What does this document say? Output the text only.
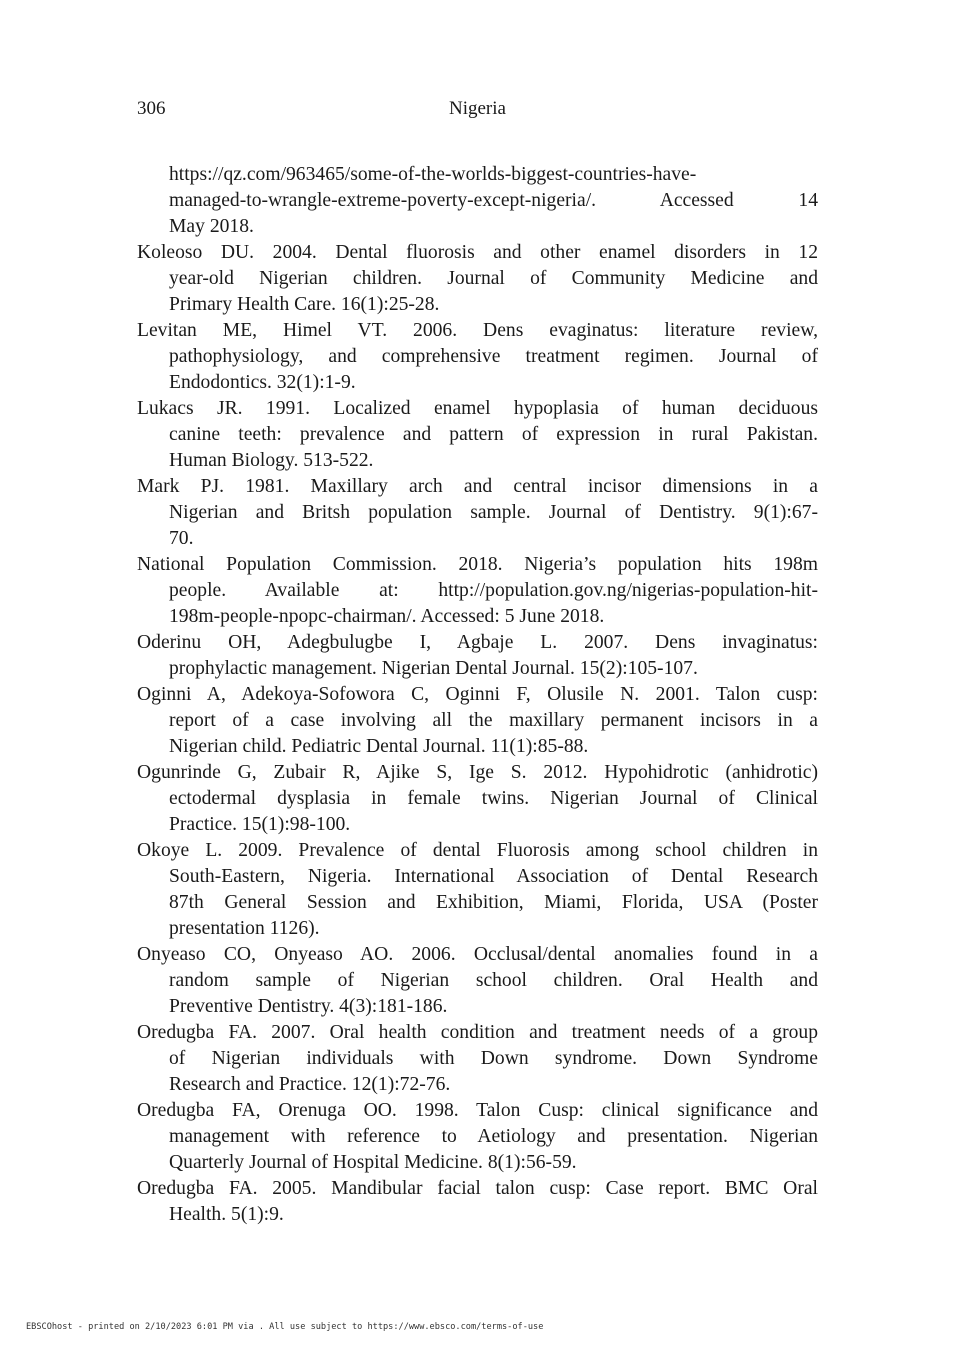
306	Nigeria
https://qz.com/963465/some-of-the-worlds-biggest-countries-have-
managed-to-wrangle-extreme-poverty-except-nigeria/. Accessed 14
May 2018.
Koleoso DU. 2004. Dental fluorosis and other enamel disorders in 12
year-old Nigerian children. Journal of Community Medicine and
Primary Health Care. 16(1):25-28.
Levitan ME, Himel VT. 2006. Dens evaginatus: literature review,
pathophysiology, and comprehensive treatment regimen. Journal of
Endodontics. 32(1):1-9.
Lukacs JR. 1991. Localized enamel hypoplasia of human deciduous
canine teeth: prevalence and pattern of expression in rural Pakistan.
Human Biology. 513-522.
Mark PJ. 1981. Maxillary arch and central incisor dimensions in a
Nigerian and Britsh population sample. Journal of Dentistry. 9(1):67-
70.
National Population Commission. 2018. Nigeria’s population hits 198m
people. Available at: http://population.gov.ng/nigerias-population-hit-
198m-people-npopc-chairman/. Accessed: 5 June 2018.
Oderinu OH, Adegbulugbe I, Agbaje L. 2007. Dens invaginatus:
prophylactic management. Nigerian Dental Journal. 15(2):105-107.
Oginni A, Adekoya-Sofowora C, Oginni F, Olusile N. 2001. Talon cusp:
report of a case involving all the maxillary permanent incisors in a
Nigerian child. Pediatric Dental Journal. 11(1):85-88.
Ogunrinde G, Zubair R, Ajike S, Ige S. 2012. Hypohidrotic (anhidrotic)
ectodermal dysplasia in female twins. Nigerian Journal of Clinical
Practice. 15(1):98-100.
Okoye L. 2009. Prevalence of dental Fluorosis among school children in
South-Eastern, Nigeria. International Association of Dental Research
87th General Session and Exhibition, Miami, Florida, USA (Poster
presentation 1126).
Onyeaso CO, Onyeaso AO. 2006. Occlusal/dental anomalies found in a
random sample of Nigerian school children. Oral Health and
Preventive Dentistry. 4(3):181-186.
Oredugba FA. 2007. Oral health condition and treatment needs of a group
of Nigerian individuals with Down syndrome. Down Syndrome
Research and Practice. 12(1):72-76.
Oredugba FA, Orenuga OO. 1998. Talon Cusp: clinical significance and
management with reference to Aetiology and presentation. Nigerian
Quarterly Journal of Hospital Medicine. 8(1):56-59.
Oredugba FA. 2005. Mandibular facial talon cusp: Case report. BMC Oral
Health. 5(1):9.
EBSCOhost - printed on 2/10/2023 6:01 PM via . All use subject to https://www.ebsco.com/terms-of-use
